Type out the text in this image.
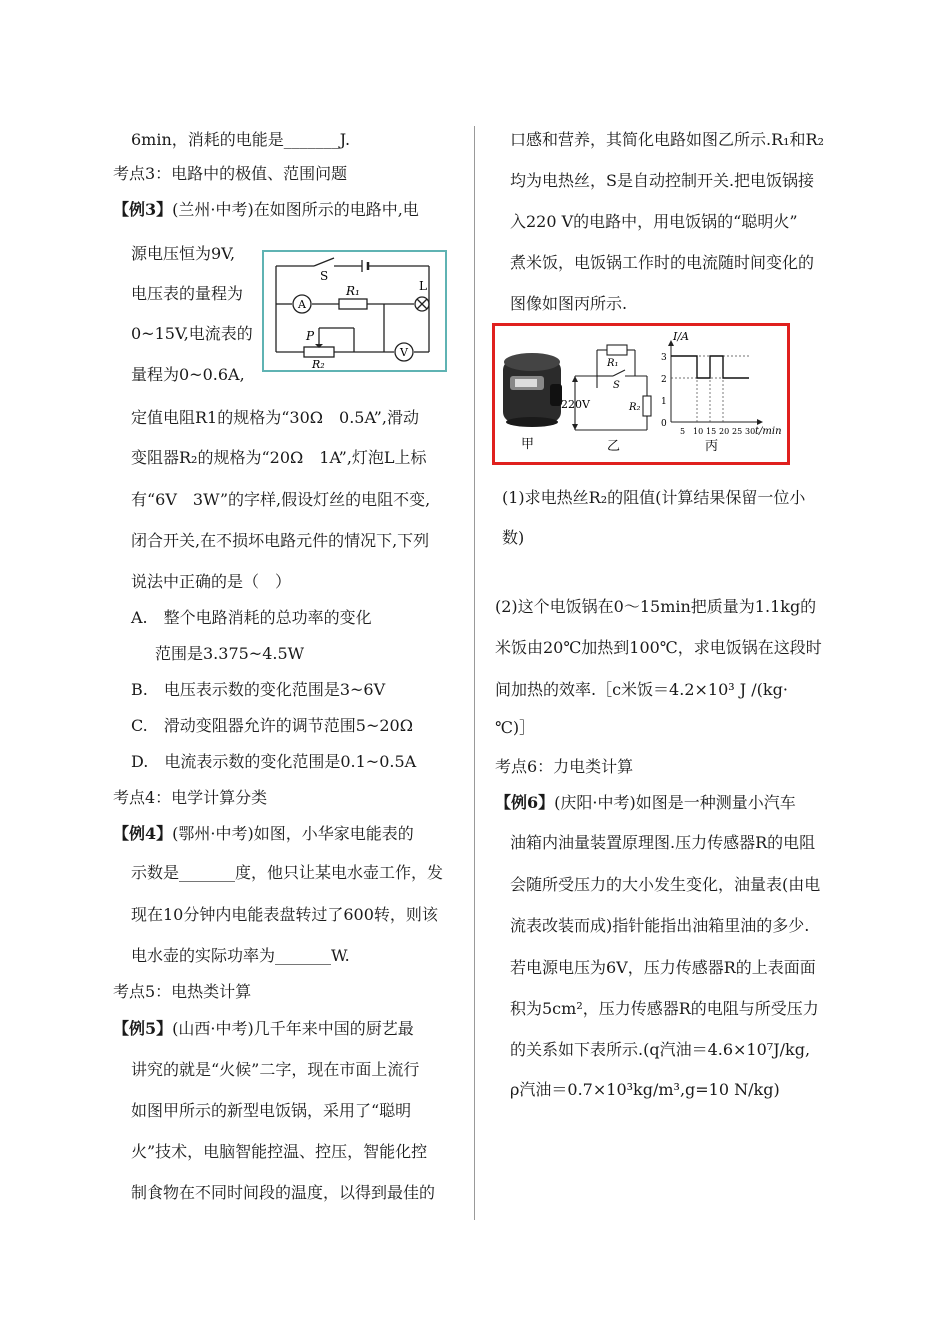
6min，消耗的电能是_______J.
考点3：电路中的极值、范围问题
【例3】(兰州·中考)在如图所示的电路中,电
源电压恒为9V,
电压表的量程为
0~15V,电流表的
量程为0~0.6A,
定值电阻R1的规格为“30Ω　0.5A”,滑动
变阻器R₂的规格为“20Ω　1A”,灯泡L上标
有“6V　3W”的字样,假设灯丝的电阻不变,
闭合开关,在不损坏电路元件的情况下,下列
说法中正确的是（　）
A.　整个电路消耗的总功率的变化
范围是3.375~4.5W
B.　电压表示数的变化范围是3~6V
C.　滑动变阻器允许的调节范围5~20Ω
D.　电流表示数的变化范围是0.1~0.5A
考点4：电学计算分类
【例4】(鄂州·中考)如图，小华家电能表的
示数是_______度，他只让某电水壶工作，发
现在10分钟内电能表盘转过了600转，则该
电水壶的实际功率为_______W.
考点5：电热类计算
【例5】(山西·中考)几千年来中国的厨艺最
讲究的就是“火候”二字，现在市面上流行
如图甲所示的新型电饭锅，采用了“聪明
火”技术，电脑智能控温、控压，智能化控
制食物在不同时间段的温度，以得到最佳的
S
A
R₁	L
P
R₂
V
口感和营养，其简化电路如图乙所示.R₁和R₂
均为电热丝，S是自动控制开关.把电饭锅接
入220 V的电路中，用电饭锅的“聪明火”
煮米饭，电饭锅工作时的电流随时间变化的
图像如图丙所示.
甲
220V
R₁
S
R₂
乙
0
1
2
3
5 10 15 20 25 30
I/A
t/min
丙
(1)求电热丝R₂的阻值(计算结果保留一位小
数)
(2)这个电饭锅在0～15min把质量为1.1kg的
米饭由20℃加热到100℃，求电饭锅在这段时
间加热的效率.［c米饭＝4.2×10³ J /(kg·
℃)］
考点6：力电类计算
【例6】(庆阳·中考)如图是一种测量小汽车
油箱内油量装置原理图.压力传感器R的电阻
会随所受压力的大小发生变化，油量表(由电
流表改装而成)指针能指出油箱里油的多少.
若电源电压为6V，压力传感器R的上表面面
积为5cm²，压力传感器R的电阻与所受压力
的关系如下表所示.(q汽油＝4.6×10⁷J/kg,
ρ汽油＝0.7×10³kg/m³,g=10 N/kg)
